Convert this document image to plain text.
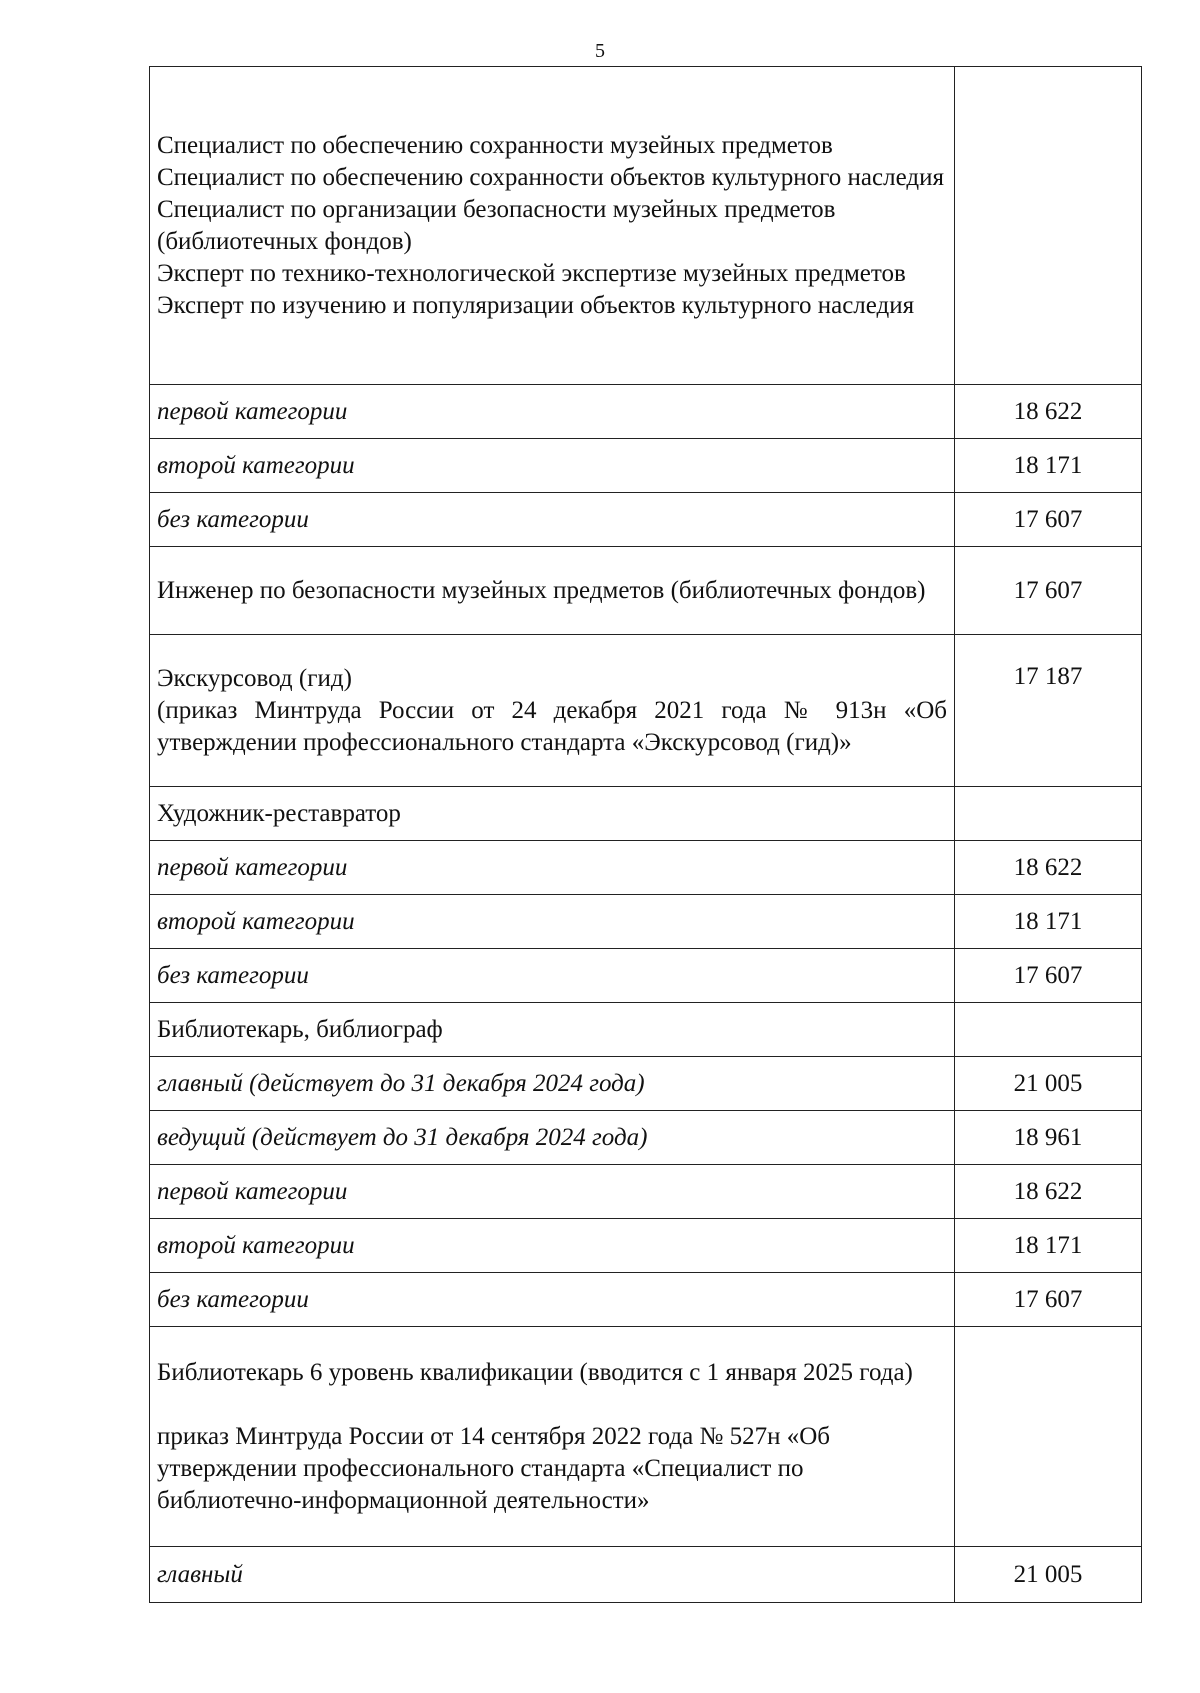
5
Специалист по обеспечению сохранности музейных предметов
Специалист по обеспечению сохранности объектов культурного наследия
Специалист по организации безопасности музейных предметов (библиотечных фондов)
Эксперт по технико-технологической экспертизе музейных предметов
Эксперт по изучению и популяризации объектов культурного наследия	

первой категории	18 622
второй категории	18 171
без категории	17 607
Инженер по безопасности музейных предметов (библиотечных фондов)	17 607

Экскурсовод (гид)
(приказ Минтруда России от 24 декабря 2021 года № 913н «Об утверждении профессионального стандарта «Экскурсовод (гид)»	17 187
Художник-реставратор	
первой категории	18 622
второй категории	18 171
без категории	17 607
Библиотекарь, библиограф	
главный (действует до 31 декабря 2024 года)	21 005
ведущий (действует до 31 декабря 2024 года)	18 961
первой категории	18 622
второй категории	18 171
без категории	17 607

Библиотекарь 6 уровень квалификации (вводится с 1 января 2025 года)
приказ Минтруда России от 14 сентября 2022 года № 527н «Об утверждении профессионального стандарта «Специалист по библиотечно-информационной деятельности»	

главный	21 005
